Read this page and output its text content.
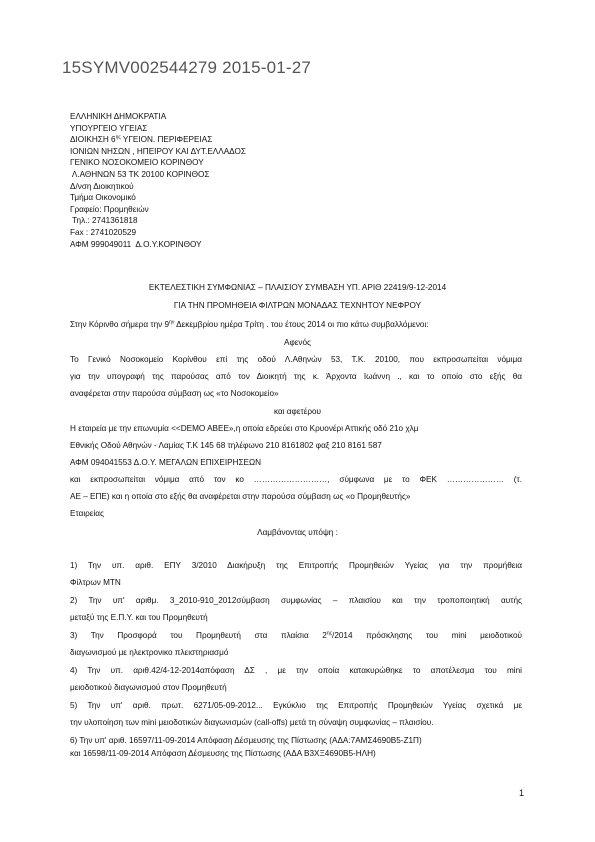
15SYMV002544279 2015-01-27
ΕΛΛΗΝΙΚΗ ΔΗΜΟΚΡΑΤΙΑ
ΥΠΟΥΡΓΕΙΟ ΥΓΕΙΑΣ
ΔΙΟΙΚΗΣΗ $6^{\eta\varsigma}$ ΥΓΕΙΟΝ. ΠΕΡΙΦΕΡΕΙΑΣ
ΙΟΝΙΩΝ ΝΗΣΩΝ , ΗΠΕΙΡΟΥ ΚΑΙ ΔΥΤ.ΕΛΛΑΔΟΣ
ΓΕΝΙΚΟ ΝΟΣΟΚΟΜΕΙΟ ΚΟΡΙΝΘΟΥ
Λ.ΑΘΗΝΩΝ 53 ΤΚ 20100 ΚΟΡΙΝΘΟΣ
Δ/νση Διοικητικού
Τμήμα Οικονομικό
Γραφείο: Προμηθειών
Τηλ.: 2741361818
Fax : 2741020529
ΑΦΜ 999049011  Δ.Ο.Υ.ΚΟΡΙΝΘΟΥ
ΕΚΤΕΛΕΣΤΙΚΗ ΣΥΜΦΩΝΙΑΣ – ΠΛΑΙΣΙΟΥ ΣΥΜΒΑΣΗ ΥΠ. ΑΡΙΘ 22419/9-12-2014
ΓΙΑ ΤΗΝ ΠΡΟΜΗΘΕΙΑ ΦΙΛΤΡΩΝ ΜΟΝΑΔΑΣ ΤΕΧΝΗΤΟΥ ΝΕΦΡΟΥ
Στην Κόρινθο σήμερα την $9^{\eta\nu}$ Δεκεμβρίου ημέρα Τρίτη . του έτους 2014 οι πιο κάτω συμβαλλόμενοι:
Αφενός
Το Γενικό Νοσοκομείο Κορίνθου επί της οδού Λ.Αθηνών 53, Τ.Κ. 20100, που εκπροσωπείται νόμιμα
για την υπογραφή της παρούσας από τον Διοικητή της κ. Άρχοντα Ιωάννη ., και το οποίο στο εξής θα
αναφέρεται στην παρούσα σύμβαση ως «το Νοσοκομείο»
και αφετέρου
Η εταιρεία με την επωνυμία <<DEMO ABEE»,η οποία εδρεύει στο Κρυονέρι Αττικής οδό 21ο χλμ
Εθνικής Οδού Αθηνών - Λαμίας Τ.Κ 145 68 τηλέφωνο 210 8161802 φαξ 210 8161 587
ΑΦΜ 094041553 Δ.Ο.Υ. ΜΕΓΑΛΩΝ ΕΠΙΧΕΙΡΗΣΕΩΝ
και εκπροσωπείται νόμιμα από τον κο ………………………, σύμφωνα με το ΦΕΚ ………………… (τ.
ΑΕ – ΕΠΕ) και η οποία στο εξής θα αναφέρεται στην παρούσα σύμβαση ως «ο Προμηθευτής»
Εταιρείας
Λαμβάνοντας υπόψη :
1) Την υπ. αριθ. ΕΠΥ 3/2010 Διακήρυξη της Επιτροπής Προμηθειών Υγείας για την προμήθεια
Φίλτρων ΜΤΝ
2) Την υπ' αριθμ. 3_2010-910_2012σύμβαση συμφωνίας – πλαισίου και την τροποποιητική αυτής
μεταξύ της Ε.Π.Υ. και του Προμηθευτή
3) Την Προσφορά του Προμηθευτή στα πλαίσια $2^{\eta\varsigma}/2014$ πρόσκλησης του mini μειοδοτικού
διαγωνισμού με ηλεκτρονικο πλειστηριασμό
4) Την υπ. αριθ.42/4-12-2014απόφαση ΔΣ , με την οποία κατακυρώθηκε το αποτέλεσμα του mini
μειοδοτικού διαγωνισμού στον Προμηθευτή
5) Την υπ' αριθ. πρωτ. 6271/05-09-2012... Εγκύκλιο της Επιτροπής Προμηθειών Υγείας σχετικά με
την υλοποίηση των mini μειοδοτικών διαγωνισμών (call-offs) μετά τη σύναψη συμφωνίας – πλαισίου.
6) Την υπ' αριθ. 16597/11-09-2014 Απόφαση Δέσμευσης της Πίστωσης (ΑΔΑ:7ΑΜΣ4690Β5-Ζ1Π)
και 16598/11-09-2014 Απόφαση Δέσμευσης της Πίστωσης (ΑΔΑ Β3ΧΞ4690Β5-ΗΛΗ)
1
